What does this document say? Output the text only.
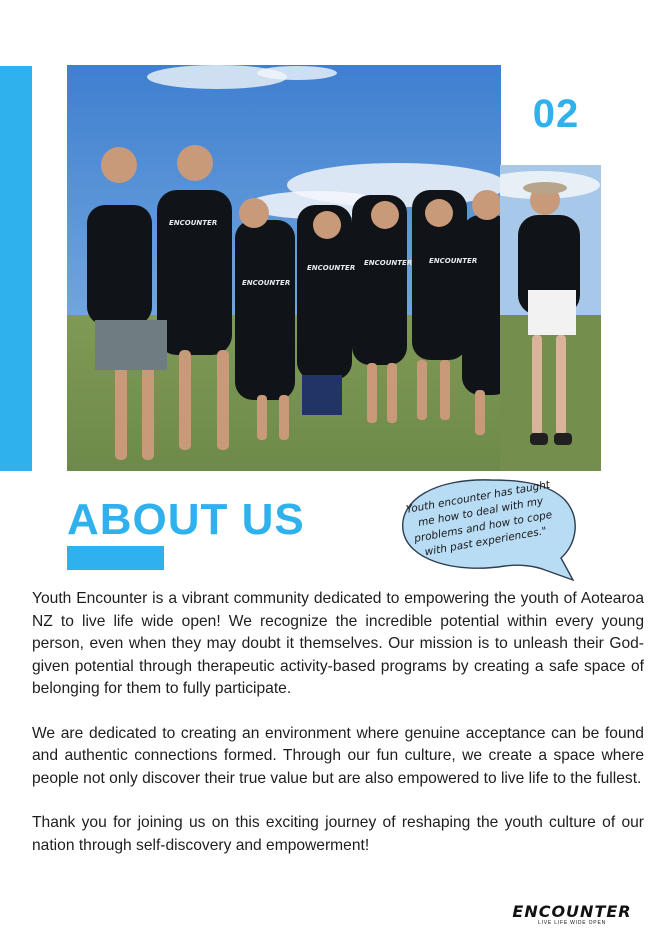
ENCOUNTER
ENCOUNTER
ENCOUNTER
ENCOUNTER ENCOUNTER
02
ABOUT US	Youth encounter has taught me how to deal with my problems and how to cope with past experiences."

Youth Encounter is a vibrant community dedicated to empowering the youth of Aotearoa NZ to live life wide open! We recognize the incredible potential within every young person, even when they may doubt it themselves. Our mission is to unleash their God-given potential through therapeutic activity-based programs by creating a safe space of belonging for them to fully participate.

We are dedicated to creating an environment where genuine acceptance can be found and authentic connections formed. Through our fun culture, we create a space where people not only discover their true value but are also empowered to live life to the fullest.

Thank you for joining us on this exciting journey of reshaping the youth culture of our nation through self-discovery and empowerment!

ENCOUNTER
LIVE LIFE WIDE OPEN
